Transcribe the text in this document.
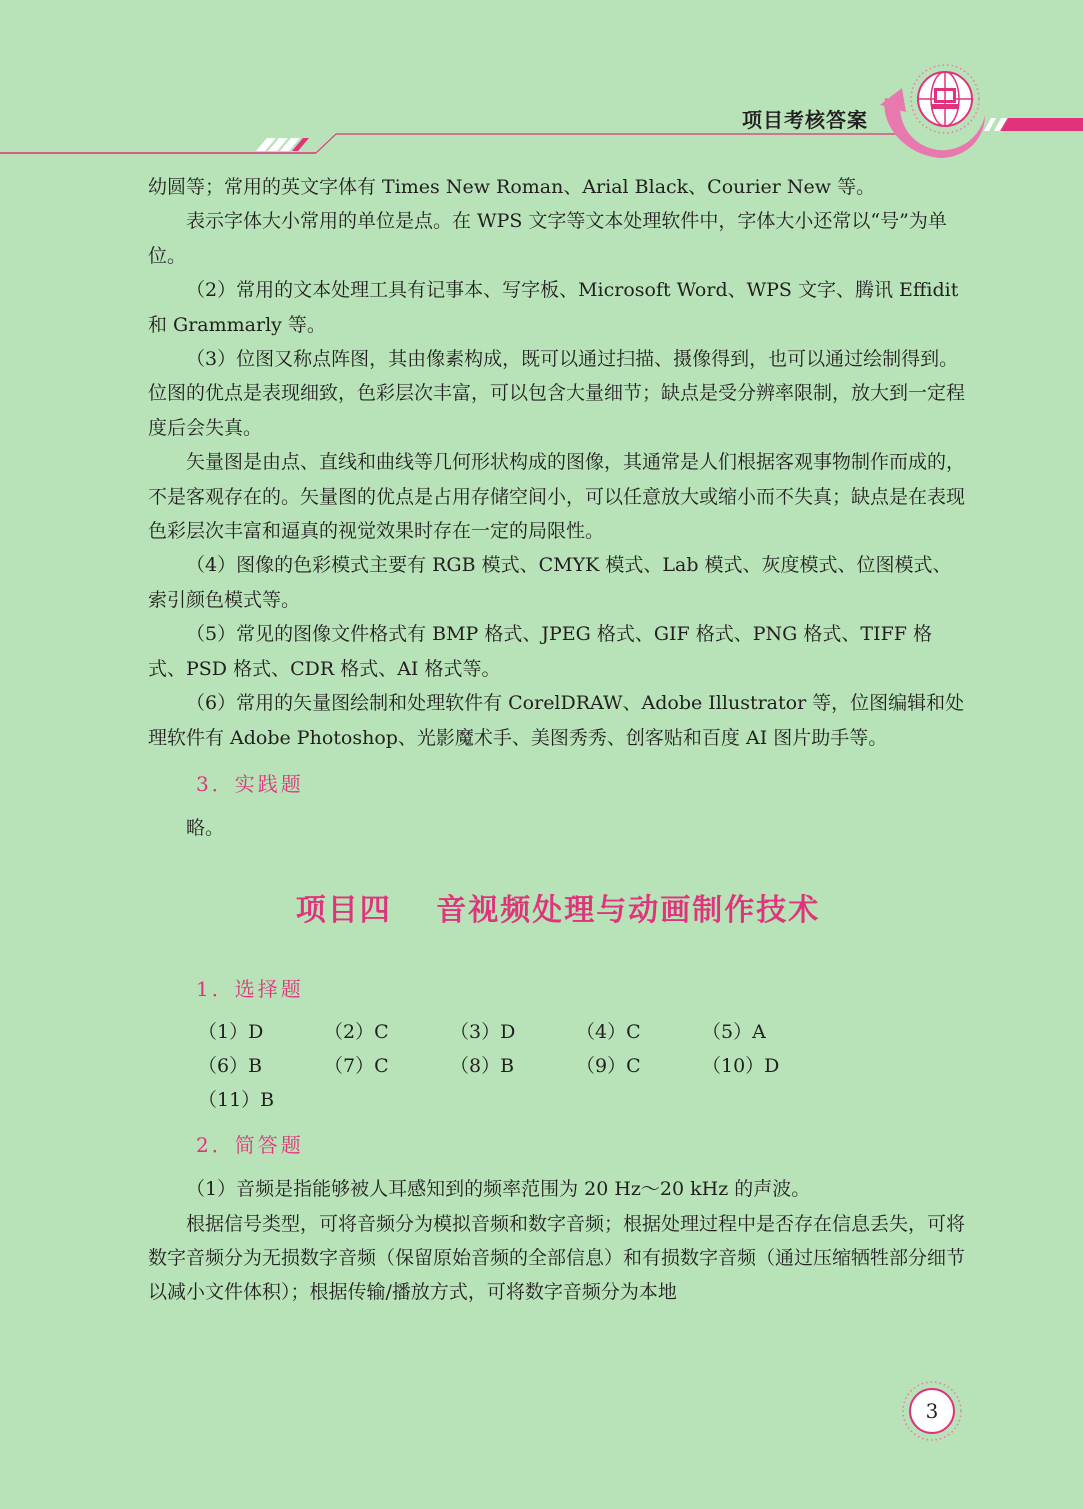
项目考核答案

幼圆等；常用的英文字体有 Times New Roman、Arial Black、Courier New 等。

表示字体大小常用的单位是点。在 WPS 文字等文本处理软件中，字体大小还常以“号”为单位。

（2）常用的文本处理工具有记事本、写字板、Microsoft Word、WPS 文字、腾讯 Effidit 和 Grammarly 等。

（3）位图又称点阵图，其由像素构成，既可以通过扫描、摄像得到，也可以通过绘制得到。位图的优点是表现细致，色彩层次丰富，可以包含大量细节；缺点是受分辨率限制，放大到一定程度后会失真。

矢量图是由点、直线和曲线等几何形状构成的图像，其通常是人们根据客观事物制作而成的，不是客观存在的。矢量图的优点是占用存储空间小，可以任意放大或缩小而不失真；缺点是在表现色彩层次丰富和逼真的视觉效果时存在一定的局限性。

（4）图像的色彩模式主要有 RGB 模式、CMYK 模式、Lab 模式、灰度模式、位图模式、索引颜色模式等。

（5）常见的图像文件格式有 BMP 格式、JPEG 格式、GIF 格式、PNG 格式、TIFF 格式、PSD 格式、CDR 格式、AI 格式等。

（6）常用的矢量图绘制和处理软件有 CorelDRAW、Adobe Illustrator 等，位图编辑和处理软件有 Adobe Photoshop、光影魔术手、美图秀秀、创客贴和百度 AI 图片助手等。

3．实践题

略。

项目四　 音视频处理与动画制作技术

1．选择题

（1）D	（2）C	（3）D	（4）C	（5）A
（6）B	（7）C	（8）B	（9）C	（10）D
（11）B

2．简答题

（1）音频是指能够被人耳感知到的频率范围为 20 Hz～20 kHz 的声波。

根据信号类型，可将音频分为模拟音频和数字音频；根据处理过程中是否存在信息丢失，可将数字音频分为无损数字音频（保留原始音频的全部信息）和有损数字音频（通过压缩牺牲部分细节以减小文件体积）；根据传输/播放方式，可将数字音频分为本地

3
